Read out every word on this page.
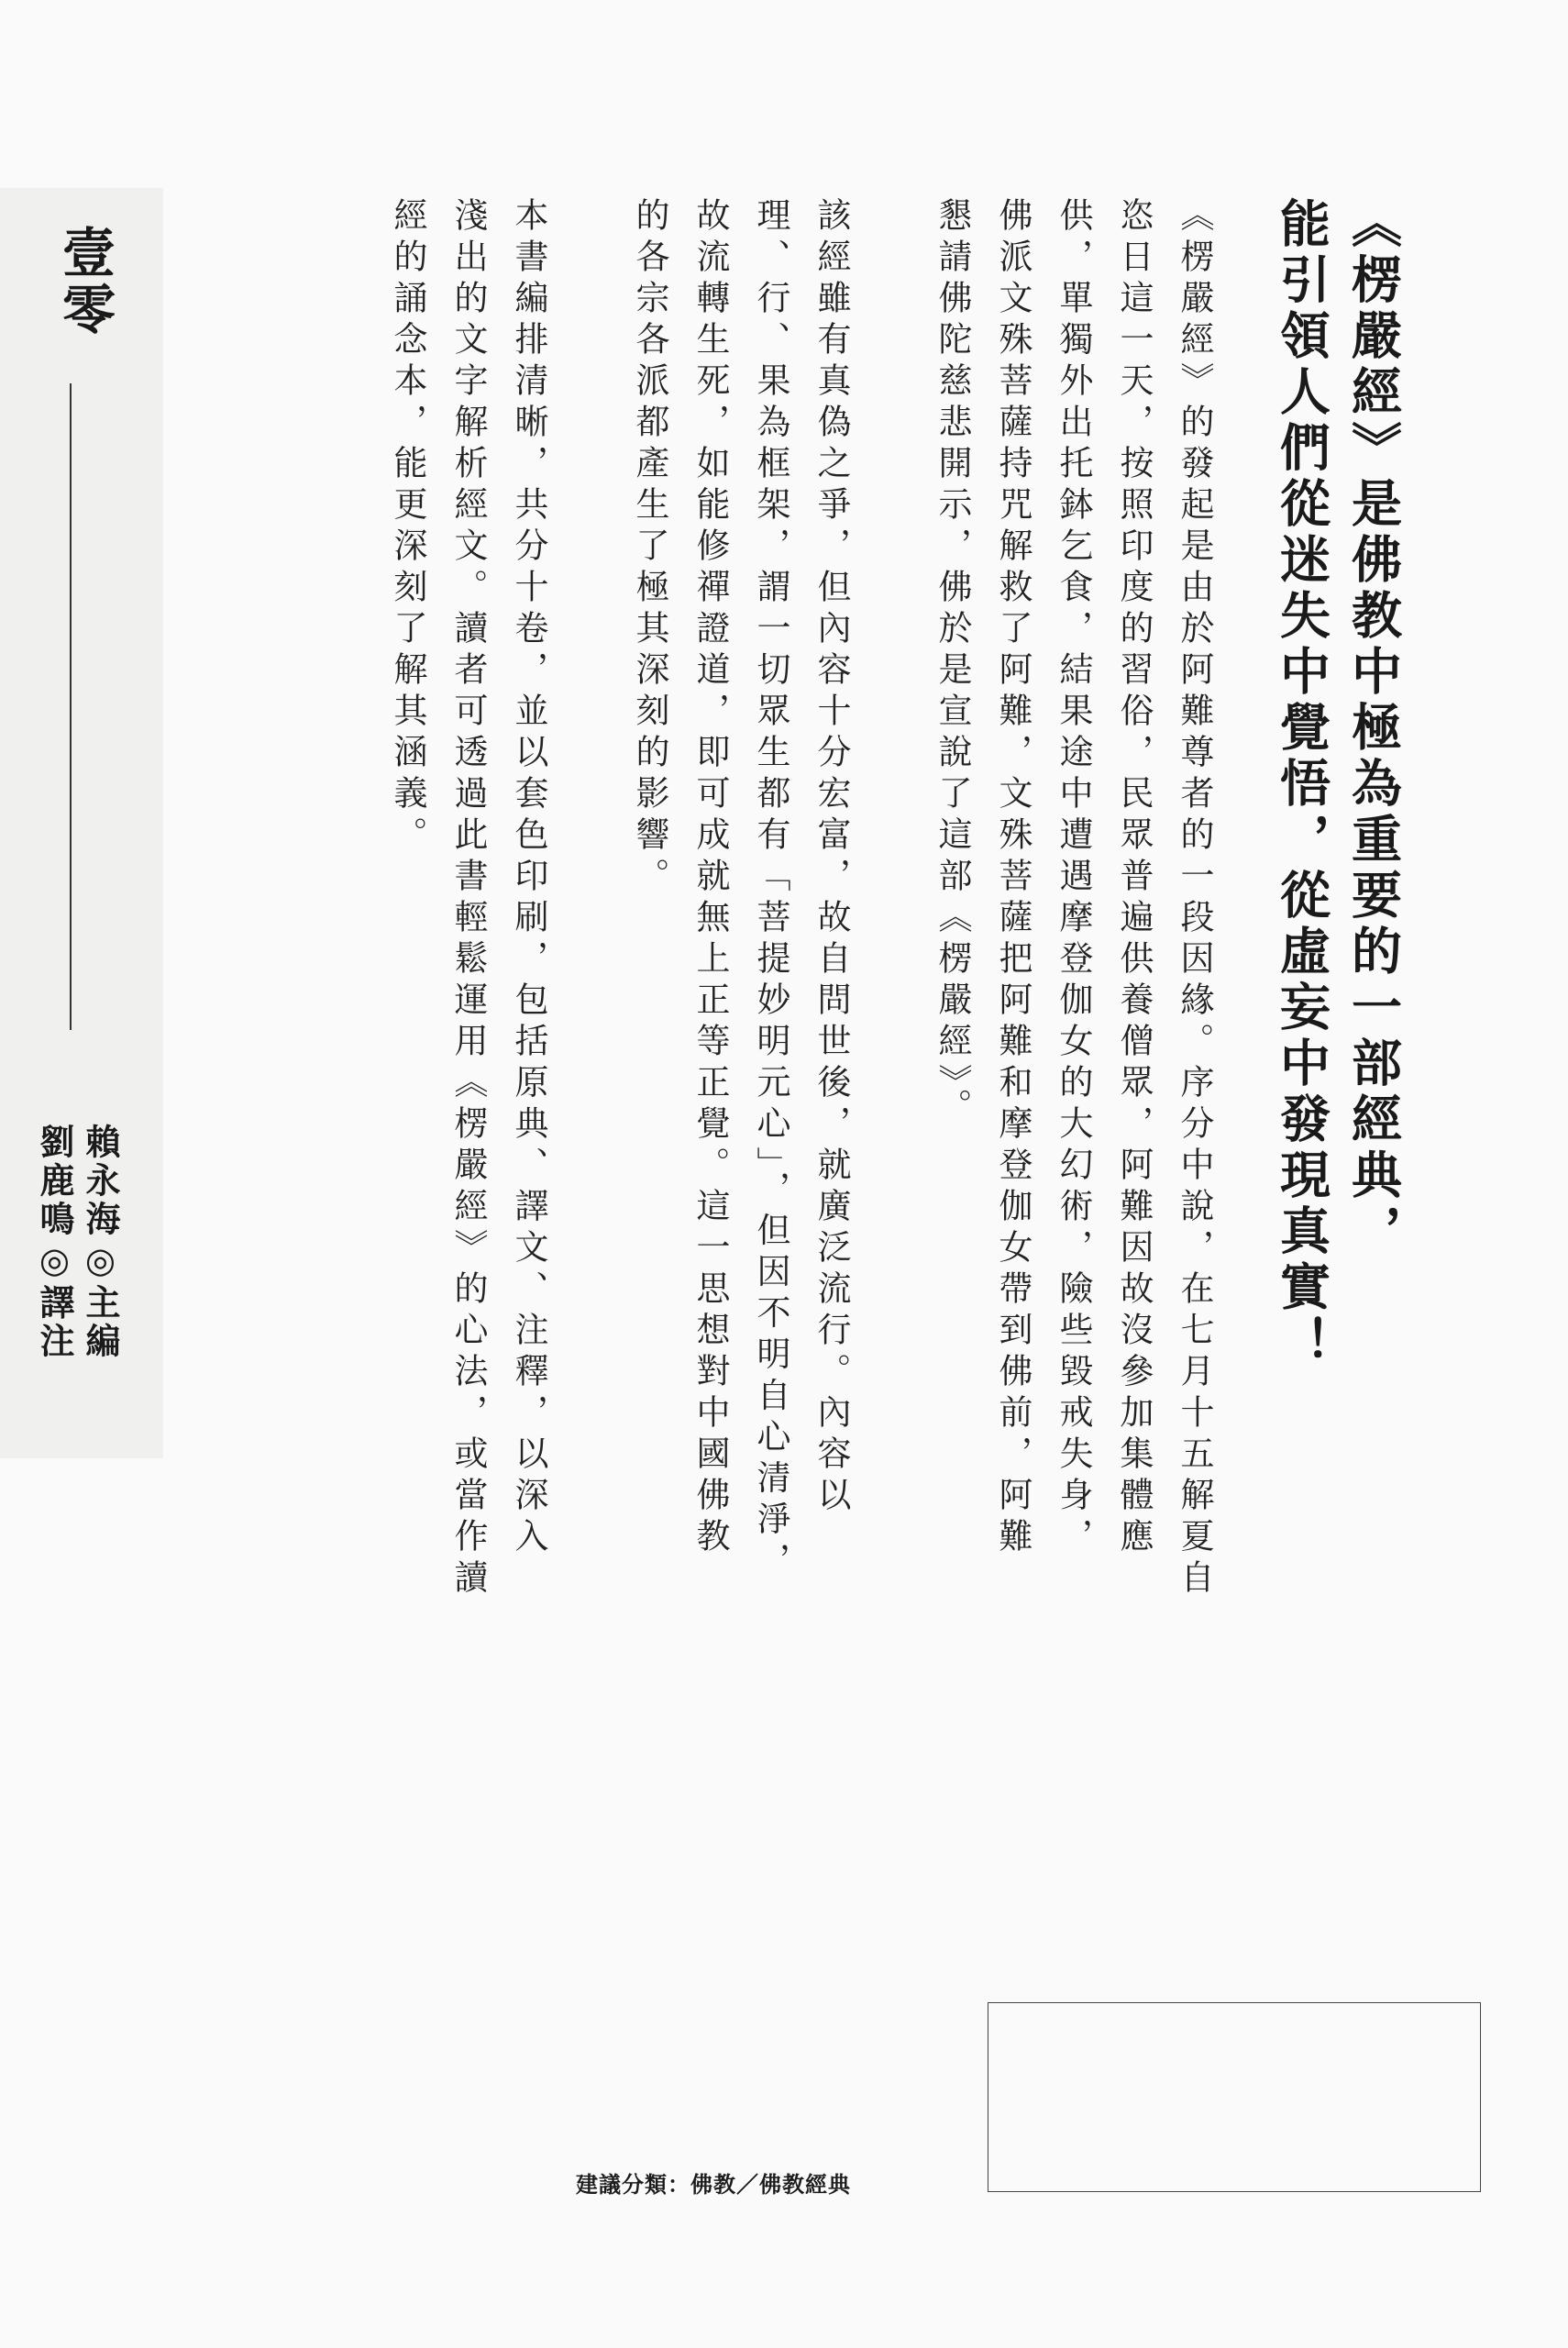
壹零
賴永海◎主編
劉鹿鳴◎譯注
《楞嚴經》是佛教中極為重要的一部經典，
能引領人們從迷失中覺悟，從虛妄中發現真實！
《楞嚴經》的發起是由於阿難尊者的一段因緣。序分中說，在七月十五解夏自
恣日這一天，按照印度的習俗，民眾普遍供養僧眾，阿難因故沒參加集體應
供，單獨外出托鉢乞食，結果途中遭遇摩登伽女的大幻術，險些毀戒失身，
佛派文殊菩薩持咒解救了阿難，文殊菩薩把阿難和摩登伽女帶到佛前，阿難
懇請佛陀慈悲開示，佛於是宣說了這部《楞嚴經》。
該經雖有真偽之爭，但內容十分宏富，故自問世後，就廣泛流行。內容以
理、行、果為框架，謂一切眾生都有「菩提妙明元心」，但因不明自心清淨，
故流轉生死，如能修禪證道，即可成就無上正等正覺。這一思想對中國佛教
的各宗各派都產生了極其深刻的影響。
本書編排清晰，共分十卷，並以套色印刷，包括原典、譯文、注釋，以深入
淺出的文字解析經文。讀者可透過此書輕鬆運用《楞嚴經》的心法，或當作讀
經的誦念本，能更深刻了解其涵義。
建議分類：佛教／佛教經典
